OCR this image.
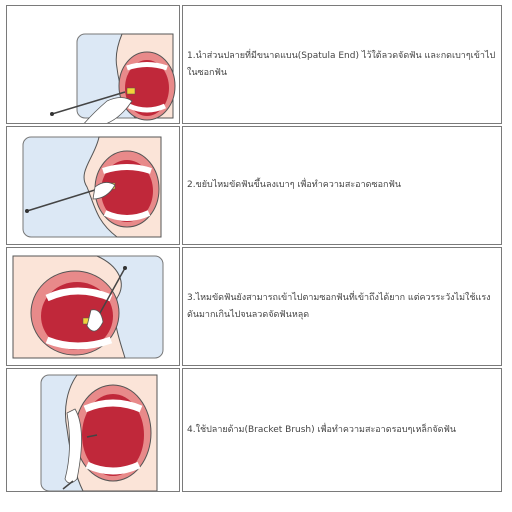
	1.นำส่วนปลายที่มีขนาดแบน(Spatula End) ไว้ใต้ลวดจัดฟัน และกดเบาๆเข้าไปในซอกฟัน

	2.ขยับไหมขัดฟันขึ้นลงเบาๆ เพื่อทำความสะอาดซอกฟัน

	3.ไหมขัดฟันยังสามารถเข้าไปตามซอกฟันที่เข้าถึงได้ยาก แต่ควรระวังไม่ใช้แรงดันมากเกินไปจนลวดจัดฟันหลุด

	4.ใช้ปลายด้าม(Bracket Brush) เพื่อทำความสะอาดรอบๆเหล็กจัดฟัน
